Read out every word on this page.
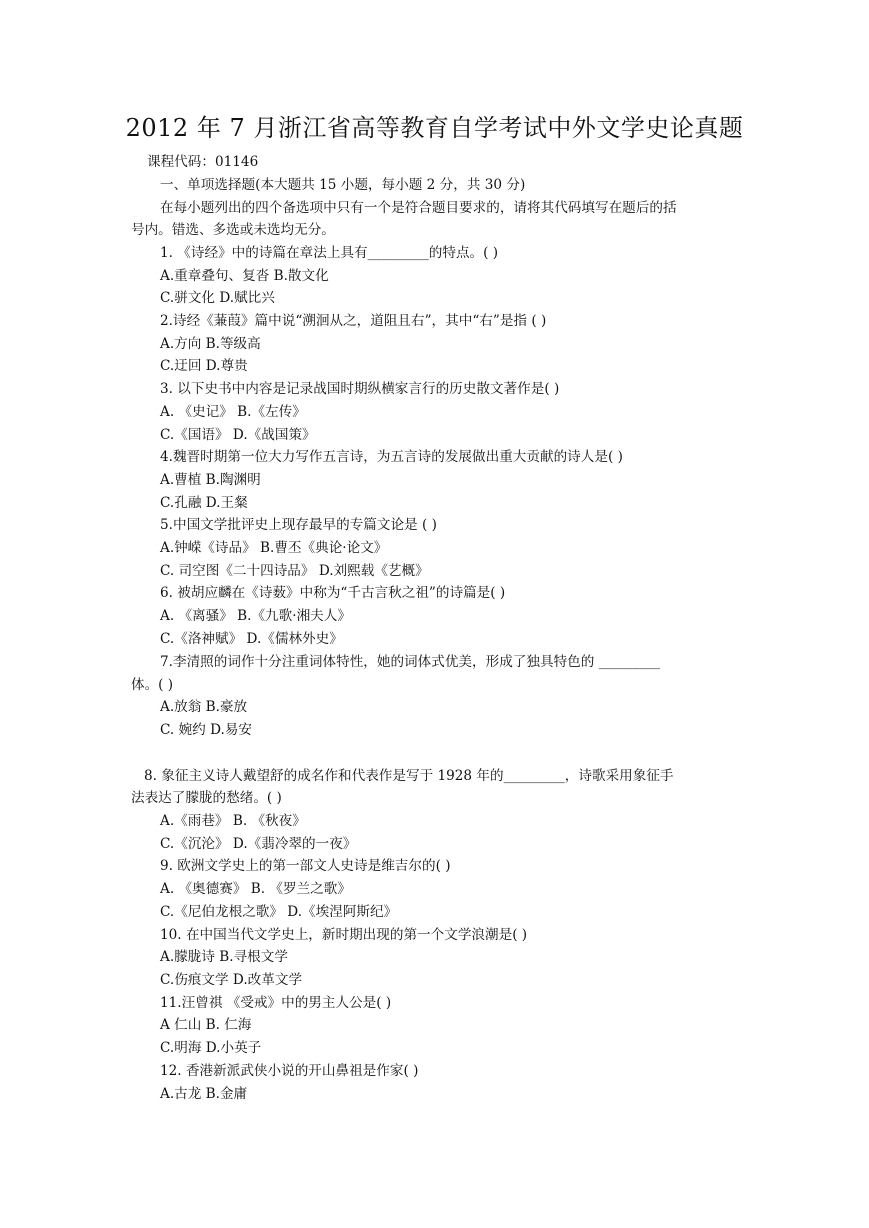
2012 年 7 月浙江省高等教育自学考试中外文学史论真题
课程代码：01146
一、单项选择题(本大题共 15 小题，每小题 2 分，共 30 分)
在每小题列出的四个备选项中只有一个是符合题目要求的，请将其代码填写在题后的括
号内。错选、多选或未选均无分。
1. 《诗经》中的诗篇在章法上具有_________的特点。( )
A.重章叠句、复沓 B.散文化
C.骈文化 D.赋比兴
2.诗经《蒹葭》篇中说“溯洄从之，道阻且右”，其中“右”是指 ( )
A.方向 B.等级高
C.迂回 D.尊贵
3. 以下史书中内容是记录战国时期纵横家言行的历史散文著作是( )
A. 《史记》 B.《左传》
C.《国语》 D.《战国策》
4.魏晋时期第一位大力写作五言诗，为五言诗的发展做出重大贡献的诗人是( )
A.曹植 B.陶渊明
C.孔融 D.王粲
5.中国文学批评史上现存最早的专篇文论是 ( )
A.钟嵘《诗品》 B.曹丕《典论·论文》
C. 司空图《二十四诗品》 D.刘熙载《艺概》
6. 被胡应麟在《诗薮》中称为“千古言秋之祖”的诗篇是( )
A. 《离骚》 B.《九歌·湘夫人》
C.《洛神赋》 D.《儒林外史》
7.李清照的词作十分注重词体特性，她的词体式优美，形成了独具特色的 _________
体。( )
A.放翁 B.豪放
C. 婉约 D.易安
8. 象征主义诗人戴望舒的成名作和代表作是写于 1928 年的_________，诗歌采用象征手
法表达了朦胧的愁绪。( )
A.《雨巷》 B. 《秋夜》
C.《沉沦》 D.《翡冷翠的一夜》
9. 欧洲文学史上的第一部文人史诗是维吉尔的( )
A. 《奥德赛》 B. 《罗兰之歌》
C.《尼伯龙根之歌》 D.《埃涅阿斯纪》
10. 在中国当代文学史上，新时期出现的第一个文学浪潮是( )
A.朦胧诗 B.寻根文学
C.伤痕文学 D.改革文学
11.汪曾祺 《受戒》中的男主人公是( )
A 仁山 B. 仁海
C.明海 D.小英子
12. 香港新派武侠小说的开山鼻祖是作家( )
A.古龙 B.金庸
